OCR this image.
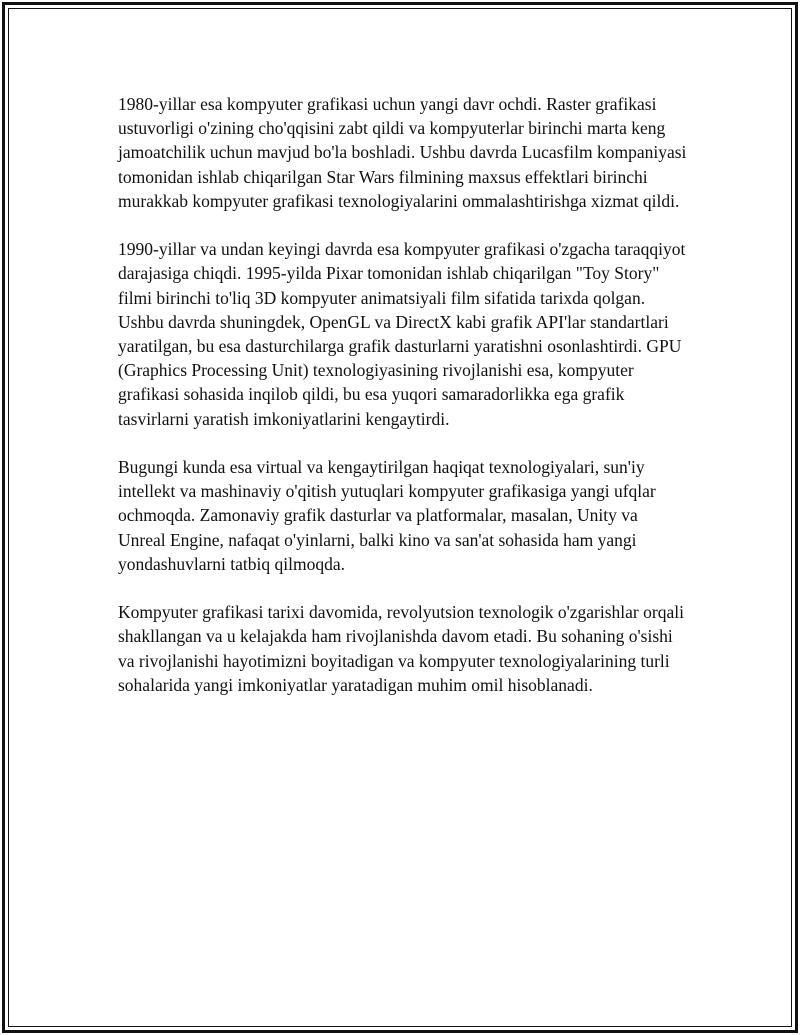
1980-yillar esa kompyuter grafikasi uchun yangi davr ochdi. Raster grafikasi ustuvorligi o'zining cho'qqisini zabt qildi va kompyuterlar birinchi marta keng jamoatchilik uchun mavjud bo'la boshladi. Ushbu davrda Lucasfilm kompaniyasi tomonidan ishlab chiqarilgan Star Wars filmining maxsus effektlari birinchi murakkab kompyuter grafikasi texnologiyalarini ommalashtirishga xizmat qildi.

1990-yillar va undan keyingi davrda esa kompyuter grafikasi o'zgacha taraqqiyot darajasiga chiqdi. 1995-yilda Pixar tomonidan ishlab chiqarilgan "Toy Story" filmi birinchi to'liq 3D kompyuter animatsiyali film sifatida tarixda qolgan. Ushbu davrda shuningdek, OpenGL va DirectX kabi grafik API'lar standartlari yaratilgan, bu esa dasturchilarga grafik dasturlarni yaratishni osonlashtirdi. GPU (Graphics Processing Unit) texnologiyasining rivojlanishi esa, kompyuter grafikasi sohasida inqilob qildi, bu esa yuqori samaradorlikka ega grafik tasvirlarni yaratish imkoniyatlarini kengaytirdi.

Bugungi kunda esa virtual va kengaytirilgan haqiqat texnologiyalari, sun'iy intellekt va mashinaviy o'qitish yutuqlari kompyuter grafikasiga yangi ufqlar ochmoqda. Zamonaviy grafik dasturlar va platformalar, masalan, Unity va Unreal Engine, nafaqat o'yinlarni, balki kino va san'at sohasida ham yangi yondashuvlarni tatbiq qilmoqda.

Kompyuter grafikasi tarixi davomida, revolyutsion texnologik o'zgarishlar orqali shakllangan va u kelajakda ham rivojlanishda davom etadi. Bu sohaning o'sishi va rivojlanishi hayotimizni boyitadigan va kompyuter texnologiyalarining turli sohalarida yangi imkoniyatlar yaratadigan muhim omil hisoblanadi.
